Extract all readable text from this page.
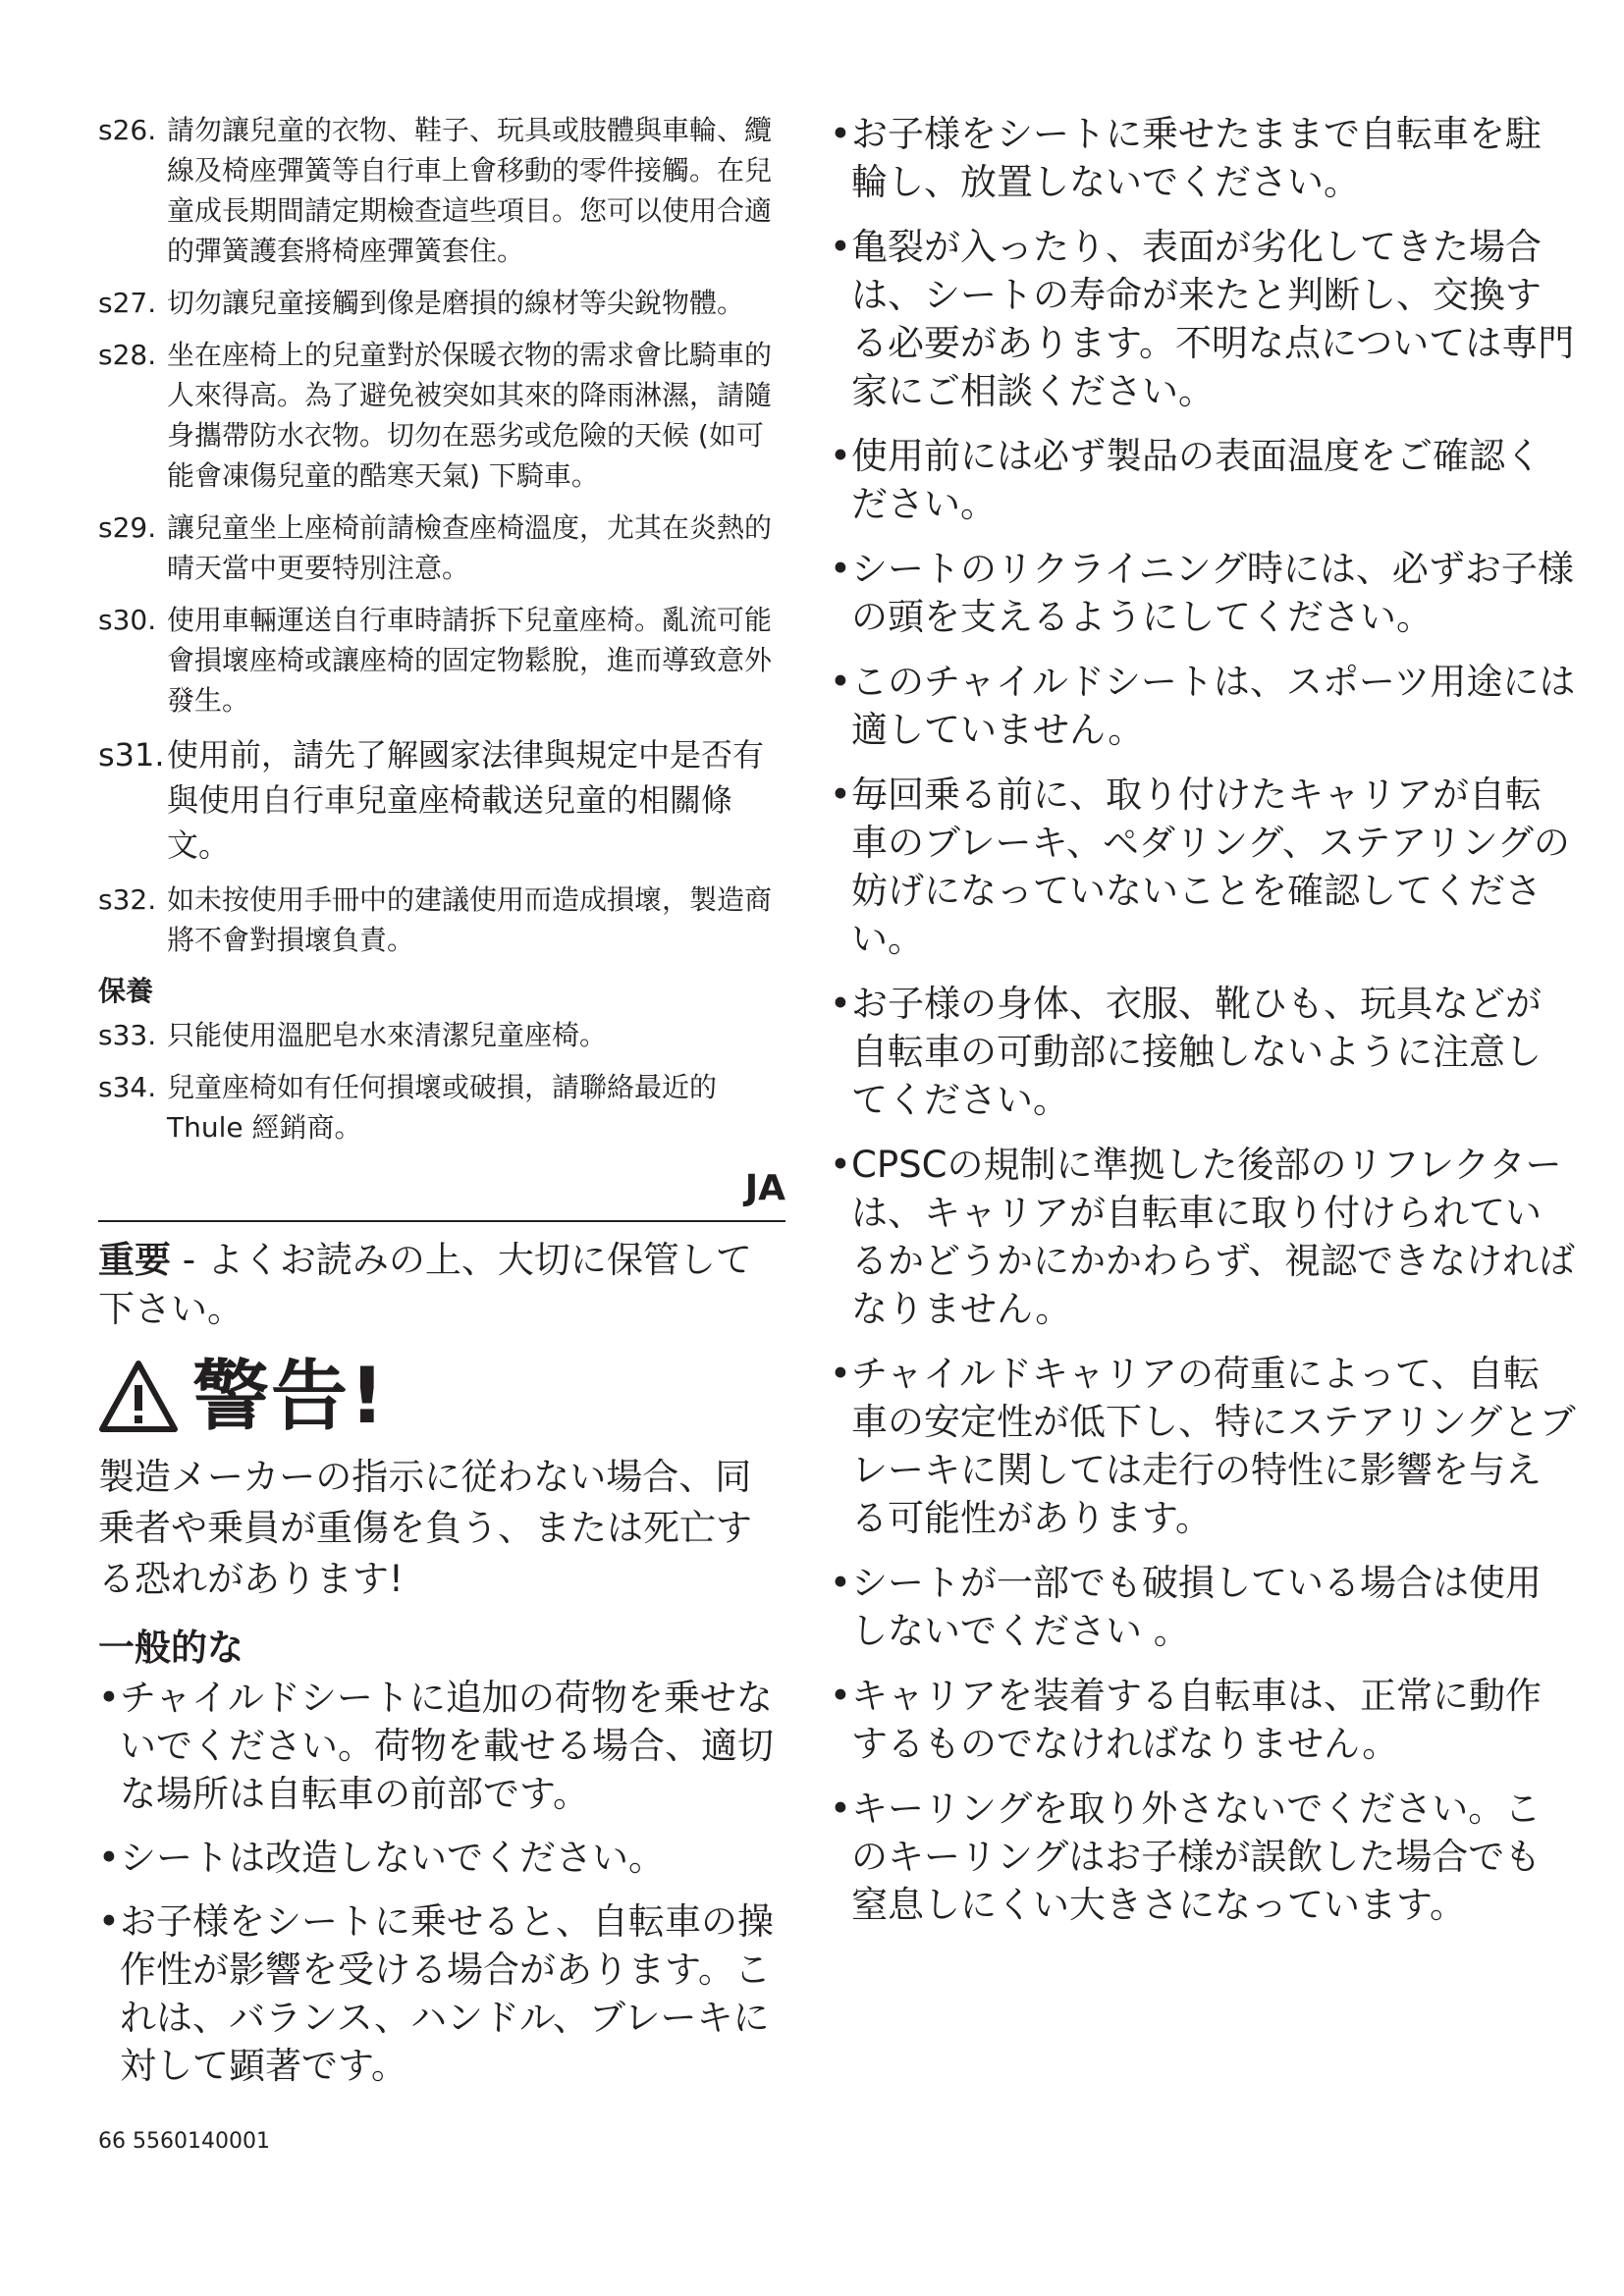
s26. 請勿讓兒童的衣物、鞋子、玩具或肢體與車輪、纜線及椅座彈簧等自行車上會移動的零件接觸。在兒童成長期間請定期檢查這些項目。您可以使用合適的彈簧護套將椅座彈簧套住。
s27. 切勿讓兒童接觸到像是磨損的線材等尖銳物體。
s28. 坐在座椅上的兒童對於保暖衣物的需求會比騎車的人來得高。為了避免被突如其來的降雨淋濕，請隨身攜帶防水衣物。切勿在惡劣或危險的天候 (如可能會凍傷兒童的酷寒天氣) 下騎車。
s29. 讓兒童坐上座椅前請檢查座椅溫度，尤其在炎熱的晴天當中更要特別注意。
s30. 使用車輛運送自行車時請拆下兒童座椅。亂流可能會損壞座椅或讓座椅的固定物鬆脫，進而導致意外發生。
s31. 使用前，請先了解國家法律與規定中是否有與使用自行車兒童座椅載送兒童的相關條文。
s32. 如未按使用手冊中的建議使用而造成損壞，製造商將不會對損壞負責。
保養
s33. 只能使用溫肥皂水來清潔兒童座椅。
s34. 兒童座椅如有任何損壞或破損，請聯絡最近的 Thule 經銷商。
JA
重要 - よくお読みの上、大切に保管して下さい。
警告!
製造メーカーの指示に従わない場合、同乗者や乗員が重傷を負う、または死亡する恐れがあります!
一般的な
• チャイルドシートに追加の荷物を乗せないでください。荷物を載せる場合、適切な場所は自転車の前部です。
• シートは改造しないでください。
• お子様をシートに乗せると、自転車の操作性が影響を受ける場合があります。これは、バランス、ハンドル、ブレーキに対して顕著です。
• お子様をシートに乗せたままで自転車を駐輪し、放置しないでください。
• 亀裂が入ったり、表面が劣化してきた場合は、シートの寿命が来たと判断し、交換する必要があります。不明な点については専門家にご相談ください。
• 使用前には必ず製品の表面温度をご確認ください。
• シートのリクライニング時には、必ずお子様の頭を支えるようにしてください。
• このチャイルドシートは、スポーツ用途には適していません。
• 毎回乗る前に、取り付けたキャリアが自転車のブレーキ、ペダリング、ステアリングの妨げになっていないことを確認してください。
• お子様の身体、衣服、靴ひも、玩具などが自転車の可動部に接触しないように注意してください。
• CPSCの規制に準拠した後部のリフレクターは、キャリアが自転車に取り付けられているかどうかにかかわらず、視認できなければなりません。
• チャイルドキャリアの荷重によって、自転車の安定性が低下し、特にステアリングとブレーキに関しては走行の特性に影響を与える可能性があります。
• シートが一部でも破損している場合は使用しないでください 。
• キャリアを装着する自転車は、正常に動作するものでなければなりません。
• キーリングを取り外さないでください。このキーリングはお子様が誤飲した場合でも窒息しにくい大きさになっています。
66 5560140001
